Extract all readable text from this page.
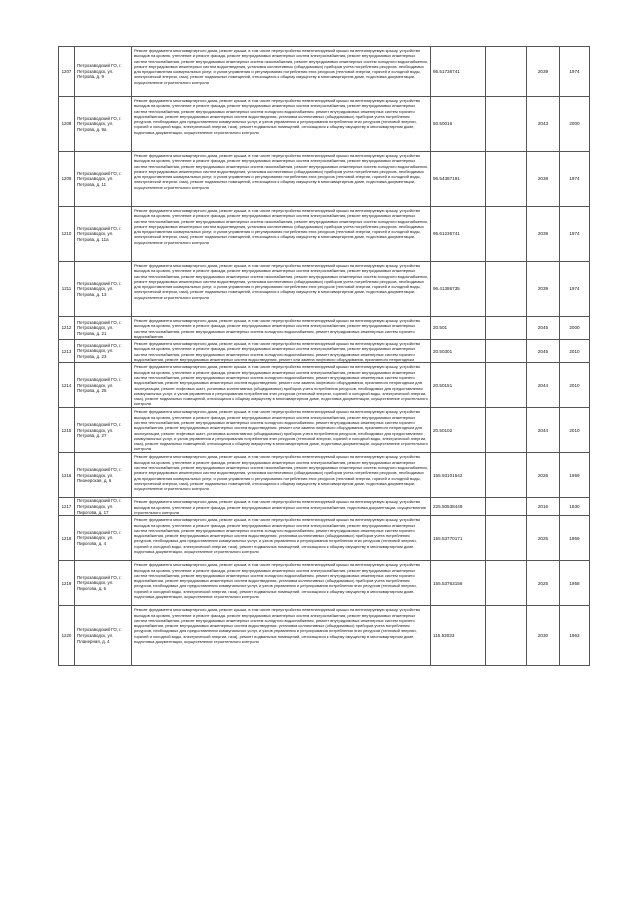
1207	Петрозаводский ГО, г. Петрозаводск, ул. Петрова, д. 9	Ремонт фундамента многоквартирного дома, ремонт крыши, в том числе переустройство невентилируемой крыши на вентилируемую крышу, устройство выходов на кровлю, утепление и ремонт фасада, ремонт внутридомовых инженерных систем электроснабжения, ремонт внутридомовых инженерных систем теплоснабжения, ремонт внутридомовых инженерных систем газоснабжения, ремонт внутридомовых инженерных систем холодного водоснабжения, ремонт внутридомовых инженерных систем водоотведения, установка коллективных (общедомовых) приборов учета потребления ресурсов, необходимых для предоставления коммунальных услуг, и узлов управления и регулирования потребления этих ресурсов (тепловой энергии, горячей и холодной воды, электрической энергии, газа), ремонт подвальных помещений, относящихся к общему имуществу в многоквартирном доме, подготовка документации, осуществление строительного контроля	95.51736741		2039	1974
1208	Петрозаводский ГО, г. Петрозаводск, ул. Петрова, д. 9а	Ремонт фундамента многоквартирного дома, ремонт крыши, в том числе переустройство невентилируемой крыши на вентилируемую крышу, устройство выходов на кровлю, утепление и ремонт фасада, ремонт внутридомовых инженерных систем электроснабжения, ремонт внутридомовых инженерных систем теплоснабжения, ремонт внутридомовых инженерных систем холодного водоснабжения, ремонт внутридомовых инженерных систем горячего водоснабжения, ремонт внутридомовых инженерных систем водоотведения, установка коллективных (общедомовых) приборов учета потребления ресурсов, необходимых для предоставления коммунальных услуг, и узлов управления и регулирования потребления этих ресурсов (тепловой энергии, горячей и холодной воды, электрической энергии, газа), ремонт подвальных помещений, относящихся к общему имуществу в многоквартирном доме, подготовка документации, осуществление строительного контроля	50.50016		2043	2000
1209	Петрозаводский ГО, г. Петрозаводск, ул. Петрова, д. 11	Ремонт фундамента многоквартирного дома, ремонт крыши, в том числе переустройство невентилируемой крыши на вентилируемую крышу, устройство выходов на кровлю, утепление и ремонт фасада, ремонт внутридомовых инженерных систем электроснабжения, ремонт внутридомовых инженерных систем теплоснабжения, ремонт внутридомовых инженерных систем газоснабжения, ремонт внутридомовых инженерных систем холодного водоснабжения, ремонт внутридомовых инженерных систем водоотведения, установка коллективных (общедомовых) приборов учета потребления ресурсов, необходимых для предоставления коммунальных услуг, и узлов управления и регулирования потребления этих ресурсов (тепловой энергии, горячей и холодной воды, электрической энергии, газа), ремонт подвальных помещений, относящихся к общему имуществу в многоквартирном доме, подготовка документации, осуществление строительного контроля	96.54387191		2038	1974
1210	Петрозаводский ГО, г. Петрозаводск, ул. Петрова, д. 11а	Ремонт фундамента многоквартирного дома, ремонт крыши, в том числе переустройство невентилируемой крыши на вентилируемую крышу, устройство выходов на кровлю, утепление и ремонт фасада, ремонт внутридомовых инженерных систем электроснабжения, ремонт внутридомовых инженерных систем теплоснабжения, ремонт внутридомовых инженерных систем газоснабжения, ремонт внутридомовых инженерных систем холодного водоснабжения, ремонт внутридомовых инженерных систем водоотведения, установка коллективных (общедомовых) приборов учета потребления ресурсов, необходимых для предоставления коммунальных услуг, и узлов управления и регулирования потребления этих ресурсов (тепловой энергии, горячей и холодной воды, электрической энергии, газа), ремонт подвальных помещений, относящихся к общему имуществу в многоквартирном доме, подготовка документации, осуществление строительного контроля	95.61236741		2039	1974
1211	Петрозаводский ГО, г. Петрозаводск, ул. Петрова, д. 13	Ремонт фундамента многоквартирного дома, ремонт крыши, в том числе переустройство невентилируемой крыши на вентилируемую крышу, устройство выходов на кровлю, утепление и ремонт фасада, ремонт внутридомовых инженерных систем электроснабжения, ремонт внутридомовых инженерных систем теплоснабжения, ремонт внутридомовых инженерных систем газоснабжения, ремонт внутридомовых инженерных систем холодного водоснабжения, ремонт внутридомовых инженерных систем водоотведения, установка коллективных (общедомовых) приборов учета потребления ресурсов, необходимых для предоставления коммунальных услуг, и узлов управления и регулирования потребления этих ресурсов (тепловой энергии, горячей и холодной воды, электрической энергии, газа), ремонт подвальных помещений, относящихся к общему имуществу в многоквартирном доме, подготовка документации, осуществление строительного контроля	96.41386735		2039	1974
1212	Петрозаводский ГО, г. Петрозаводск, ул. Петрова, д. 21	Ремонт фундамента многоквартирного дома, ремонт крыши, в том числе переустройство невентилируемой крыши на вентилируемую крышу, устройство выходов на кровлю, утепление и ремонт фасада, ремонт внутридомовых инженерных систем электроснабжения, ремонт внутридомовых инженерных систем теплоснабжения, ремонт внутридомовых инженерных систем холодного водоснабжения, ремонт внутридомовых инженерных систем горячего водоснабжения	20.501		2045	2000
1213	Петрозаводский ГО, г. Петрозаводск, ул. Петрова, д. 23	Ремонт фундамента многоквартирного дома, ремонт крыши, в том числе переустройство невентилируемой крыши на вентилируемую крышу, устройство выходов на кровлю, утепление и ремонт фасада, ремонт внутридомовых инженерных систем электроснабжения, ремонт внутридомовых инженерных систем теплоснабжения, ремонт внутридомовых инженерных систем холодного водоснабжения, ремонт внутридомовых инженерных систем горячего водоснабжения, ремонт внутридомовых инженерных систем водоотведения, ремонт или замена лифтового оборудования, признанного непригодным	20.50301		2045	2010
1214	Петрозаводский ГО, г. Петрозаводск, ул. Петрова, д. 25	Ремонт фундамента многоквартирного дома, ремонт крыши, в том числе переустройство невентилируемой крыши на вентилируемую крышу, устройство выходов на кровлю, утепление и ремонт фасада, ремонт внутридомовых инженерных систем электроснабжения, ремонт внутридомовых инженерных систем теплоснабжения, ремонт внутридомовых инженерных систем холодного водоснабжения, ремонт внутридомовых инженерных систем горячего водоснабжения, ремонт внутридомовых инженерных систем водоотведения, ремонт или замена лифтового оборудования, признанного непригодным для эксплуатации, ремонт лифтовых шахт, установка коллективных (общедомовых) приборов учета потребления ресурсов, необходимых для предоставления коммунальных услуг, и узлов управления и регулирования потребления этих ресурсов (тепловой энергии, горячей и холодной воды, электрической энергии, газа), ремонт подвальных помещений, относящихся к общему имуществу в многоквартирном доме, подготовка документации, осуществление строительного контроля	20.50151		2044	2010
1215	Петрозаводский ГО, г. Петрозаводск, ул. Петрова, д. 27	Ремонт фундамента многоквартирного дома, ремонт крыши, в том числе переустройство невентилируемой крыши на вентилируемую крышу, устройство выходов на кровлю, утепление и ремонт фасада, ремонт внутридомовых инженерных систем электроснабжения, ремонт внутридомовых инженерных систем теплоснабжения, ремонт внутридомовых инженерных систем холодного водоснабжения, ремонт внутридомовых инженерных систем горячего водоснабжения, ремонт внутридомовых инженерных систем водоотведения, ремонт или замена лифтового оборудования, признанного непригодным для эксплуатации, ремонт лифтовых шахт, установка коллективных (общедомовых) приборов учета потребления ресурсов, необходимых для предоставления коммунальных услуг, и узлов управления и регулирования потребления этих ресурсов (тепловой энергии, горячей и холодной воды, электрической энергии, газа), ремонт подвальных помещений, относящихся к общему имуществу в многоквартирном доме, подготовка документации, осуществление строительного контроля	20.50102		2044	2010
1216	Петрозаводский ГО, г. Петрозаводск, ул. Пионерская, д. 6	Ремонт фундамента многоквартирного дома, ремонт крыши, в том числе переустройство невентилируемой крыши на вентилируемую крышу, устройство выходов на кровлю, утепление и ремонт фасада, ремонт внутридомовых инженерных систем электроснабжения, ремонт внутридомовых инженерных систем теплоснабжения, ремонт внутридомовых инженерных систем газоснабжения, ремонт внутридомовых инженерных систем холодного водоснабжения, ремонт внутридомовых инженерных систем водоотведения, установка коллективных (общедомовых) приборов учета потребления ресурсов, необходимых для предоставления коммунальных услуг, и узлов управления и регулирования потребления этих ресурсов (тепловой энергии, горячей и холодной воды, электрической энергии, газа), ремонт подвальных помещений, относящихся к общему имуществу в многоквартирном доме, подготовка документации, осуществление строительного контроля	155.93101542		2026	1959
1217	Петрозаводский ГО, г. Петрозаводск, ул. Пирогова, д. 17	Ремонт фундамента многоквартирного дома, ремонт крыши, в том числе переустройство невентилируемой крыши на вентилируемую крышу, устройство выходов на кровлю, утепление и ремонт фасада, ремонт внутридомовых инженерных систем электроснабжения, подготовка документации, осуществление строительного контроля	225.50538449		2016	1930
1218	Петрозаводский ГО, г. Петрозаводск, ул. Пирогова, д. 4	Ремонт фундамента многоквартирного дома, ремонт крыши, в том числе переустройство невентилируемой крыши на вентилируемую крышу, устройство выходов на кровлю, утепление и ремонт фасада, ремонт внутридомовых инженерных систем электроснабжения, ремонт внутридомовых инженерных систем теплоснабжения, ремонт внутридомовых инженерных систем холодного водоснабжения, ремонт внутридомовых инженерных систем горячего водоснабжения, ремонт внутридомовых инженерных систем водоотведения, установка коллективных (общедомовых) приборов учета потребления ресурсов, необходимых для предоставления коммунальных услуг, и узлов управления и регулирования потребления этих ресурсов (тепловой энергии, горячей и холодной воды, электрической энергии, газа), ремонт подвальных помещений, относящихся к общему имуществу в многоквартирном доме, подготовка документации, осуществление строительного контроля	155.53770171		2025	1959
1219	Петрозаводский ГО, г. Петрозаводск, ул. Пирогова, д. 6	Ремонт фундамента многоквартирного дома, ремонт крыши, в том числе переустройство невентилируемой крыши на вентилируемую крышу, устройство выходов на кровлю, утепление и ремонт фасада, ремонт внутридомовых инженерных систем электроснабжения, ремонт внутридомовых инженерных систем теплоснабжения, ремонт внутридомовых инженерных систем холодного водоснабжения, ремонт внутридомовых инженерных систем горячего водоснабжения, ремонт внутридомовых инженерных систем водоотведения, установка коллективных (общедомовых) приборов учета потребления ресурсов, необходимых для предоставления коммунальных услуг, и узлов управления и регулирования потребления этих ресурсов (тепловой энергии, горячей и холодной воды, электрической энергии, газа), ремонт подвальных помещений, относящихся к общему имуществу в многоквартирном доме, подготовка документации, осуществление строительного контроля	155.53763156		2025	1958
1220	Петрозаводский ГО, г. Петрозаводск, ул. Планерная, д. 4	Ремонт фундамента многоквартирного дома, ремонт крыши, в том числе переустройство невентилируемой крыши на вентилируемую крышу, устройство выходов на кровлю, утепление и ремонт фасада, ремонт внутридомовых инженерных систем электроснабжения, ремонт внутридомовых инженерных систем теплоснабжения, ремонт внутридомовых инженерных систем холодного водоснабжения, ремонт внутридомовых инженерных систем горячего водоснабжения, ремонт внутридомовых инженерных систем водоотведения, установка коллективных (общедомовых) приборов учета потребления ресурсов, необходимых для предоставления коммунальных услуг, и узлов управления и регулирования потребления этих ресурсов (тепловой энергии, горячей и холодной воды, электрической энергии, газа), ремонт подвальных помещений, относящихся к общему имуществу в многоквартирном доме, подготовка документации, осуществление строительного контроля	115.53033		2030	1963
